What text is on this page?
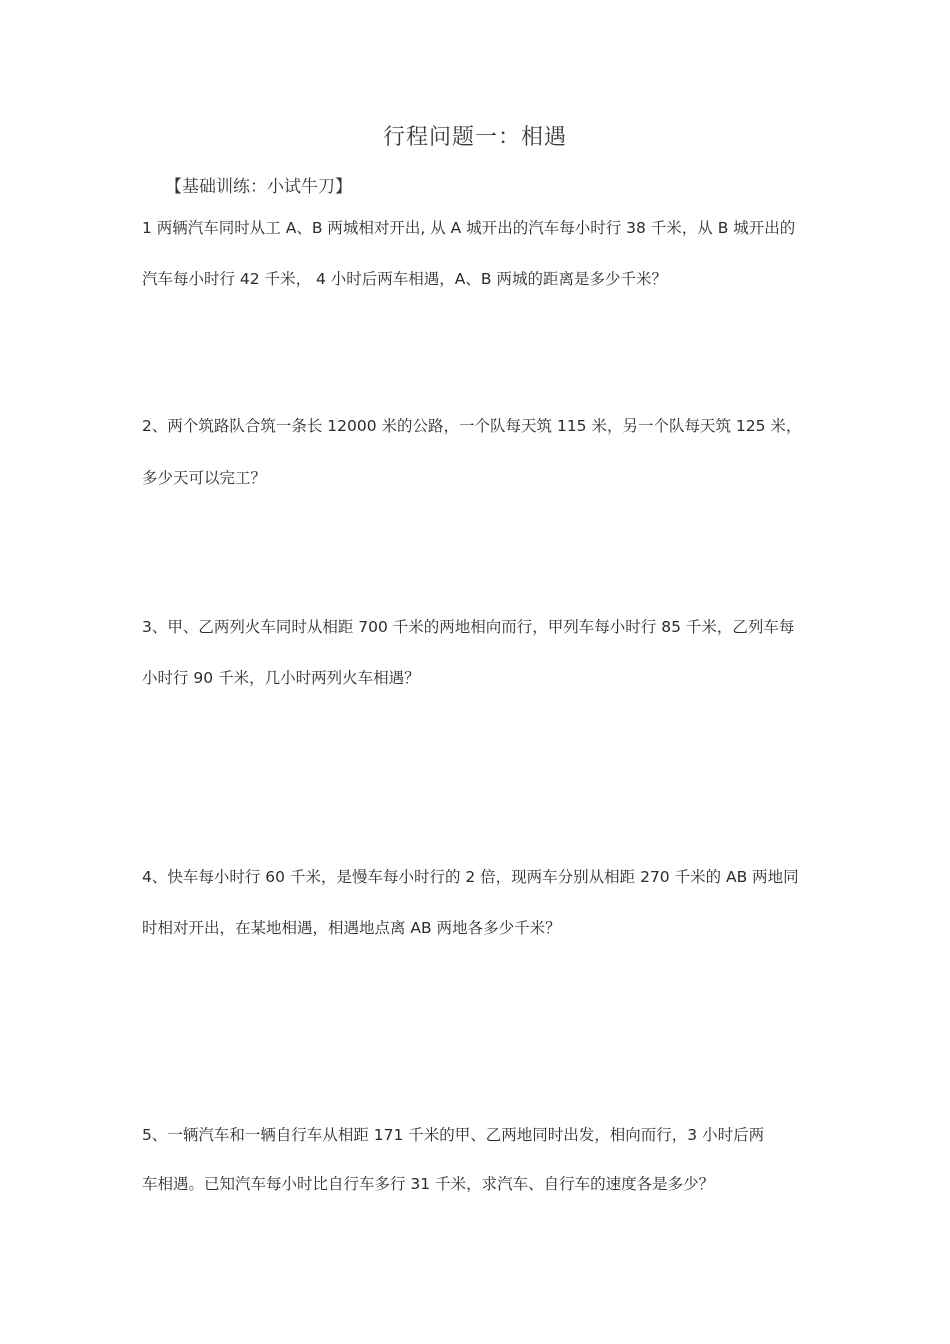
行程问题一：相遇
【基础训练：小试牛刀】
1 两辆汽车同时从工 A、B 两城相对开出, 从 A 城开出的汽车每小时行 38 千米，从 B 城开出的
汽车每小时行 42 千米， 4 小时后两车相遇，A、B 两城的距离是多少千米？
2、两个筑路队合筑一条长 12000 米的公路，一个队每天筑 115 米，另一个队每天筑 125 米，
多少天可以完工？
3、甲、乙两列火车同时从相距 700 千米的两地相向而行，甲列车每小时行 85 千米，乙列车每
小时行 90 千米，几小时两列火车相遇？
4、快车每小时行 60 千米，是慢车每小时行的 2 倍，现两车分别从相距 270 千米的 AB 两地同
时相对开出，在某地相遇，相遇地点离 AB 两地各多少千米？
5、一辆汽车和一辆自行车从相距 171 千米的甲、乙两地同时出发，相向而行，3 小时后两
车相遇。已知汽车每小时比自行车多行 31 千米，求汽车、自行车的速度各是多少？
